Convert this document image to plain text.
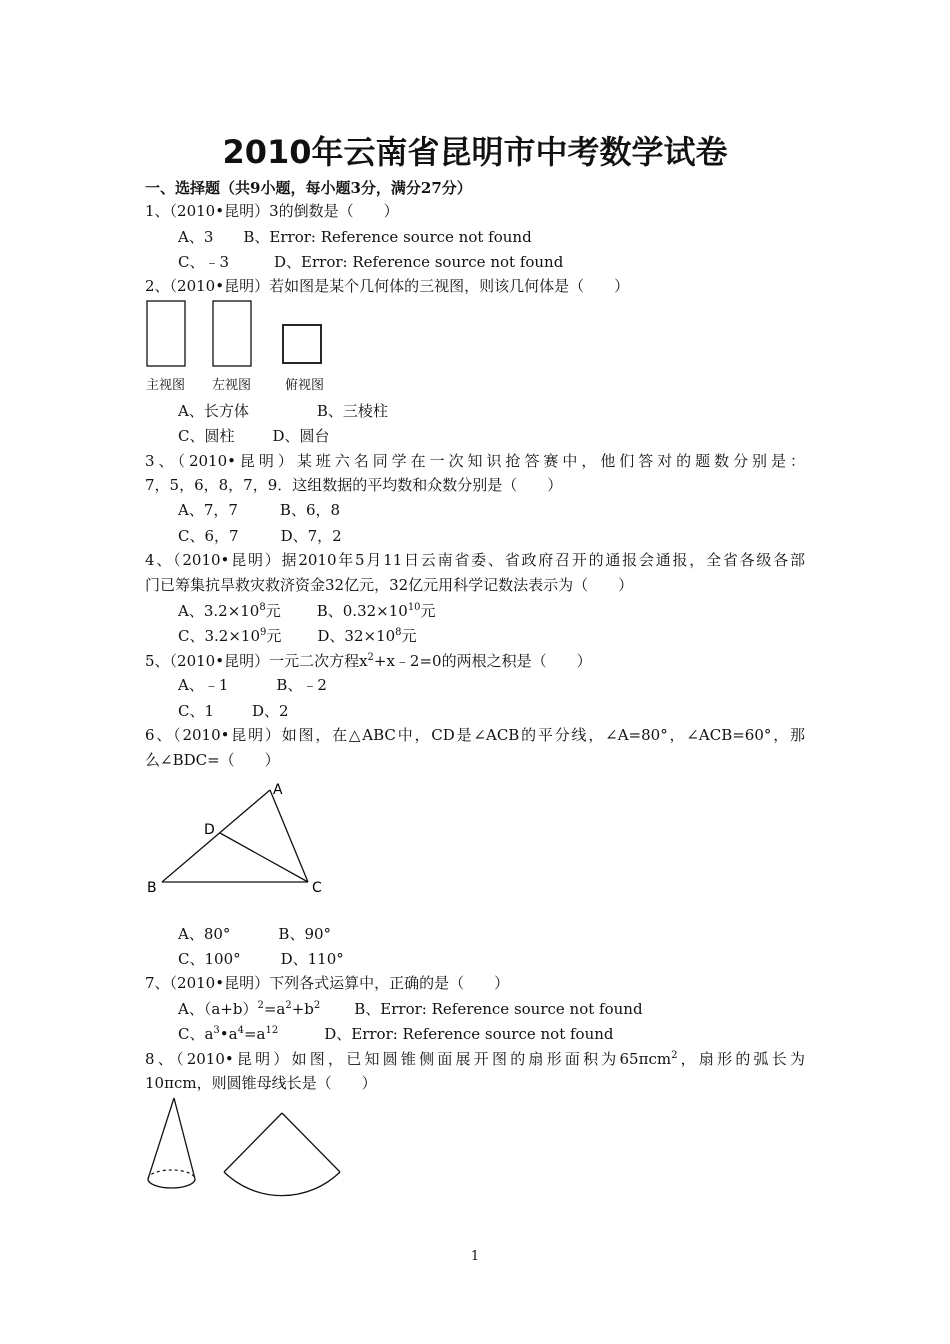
2010年云南省昆明市中考数学试卷
一、选择题（共9小题，每小题3分，满分27分）
1、（2010•昆明）3的倒数是（　　）
A、3 B、Error: Reference source not found
C、﹣3	D、Error: Reference source not found
2、（2010•昆明）若如图是某个几何体的三视图，则该几何体是（　　）
主视图 左视图	俯视图
A、长方体	B、三棱柱
C、圆柱	D、圆台
3、（2010•昆明）某班六名同学在一次知识抢答赛中，他们答对的题数分别是：
7，5，6，8，7，9．这组数据的平均数和众数分别是（　　）
A、7，7	B、6，8
C、6，7	D、7，2
4、（2010•昆明）据2010年5月11日云南省委、省政府召开的通报会通报，全省各级各部
门已筹集抗旱救灾救济资金32亿元，32亿元用科学记数法表示为（　　）
A、$3.2\times 10^8$元 B、$0.32\times 10^{10}$元
C、$3.2\times 10^9$元 D、$32\times 10^8$元
5、（2010•昆明）一元二次方程$x^2+x﹣2=0$的两根之积是（　　）
A、﹣1	B、﹣2
C、1	D、2
6、（2010•昆明）如图，在△ABC中，CD是∠ACB的平分线，∠A=80°，∠ACB=60°，那
么∠BDC=（　　）
A
B	C
D
A、80°	B、90°
C、100°	D、110°
7、（2010•昆明）下列各式运算中，正确的是（　　）
A、$(a+b)^2=a^2+b^2$ B、Error: Reference source not found
C、$a^3•a^4=a^{12}$	D、Error: Reference source not found
8、（2010•昆明）如图，已知圆锥侧面展开图的扇形面积为65πcm$^2$，扇形的弧长为
10πcm，则圆锥母线长是（　　）
1
